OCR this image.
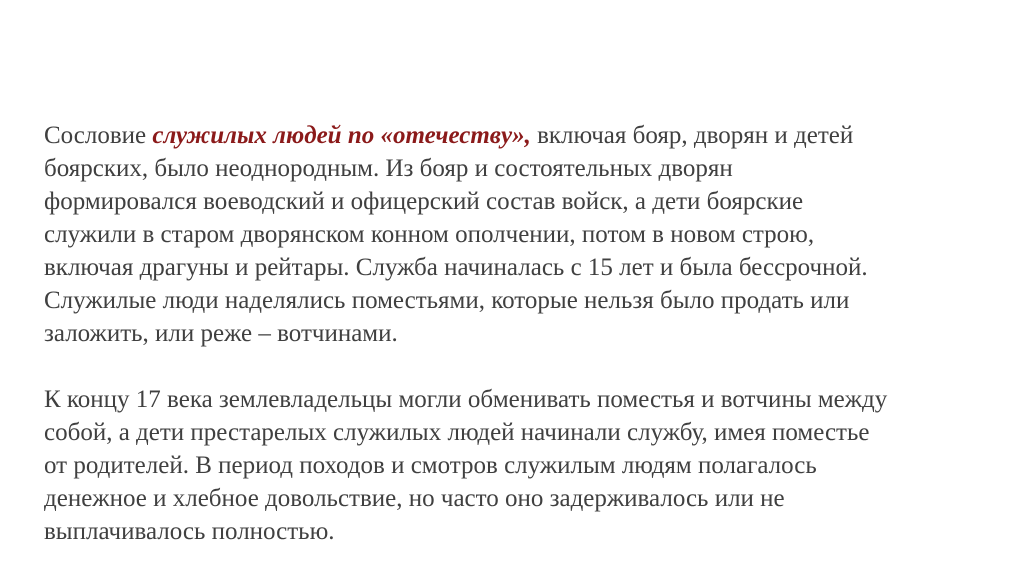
Сословие служилых людей по «отечеству», включая бояр, дворян и детей
боярских, было неоднородным. Из бояр и состоятельных дворян
формировался воеводский и офицерский состав войск, а дети боярские
служили в старом дворянском конном ополчении, потом в новом строю,
включая драгуны и рейтары. Служба начиналась с 15 лет и была бессрочной.
Служилые люди наделялись поместьями, которые нельзя было продать или
заложить, или реже – вотчинами.
К концу 17 века землевладельцы могли обменивать поместья и вотчины между
собой, а дети престарелых служилых людей начинали службу, имея поместье
от родителей. В период походов и смотров служилым людям полагалось
денежное и хлебное довольствие, но часто оно задерживалось или не
выплачивалось полностью.
